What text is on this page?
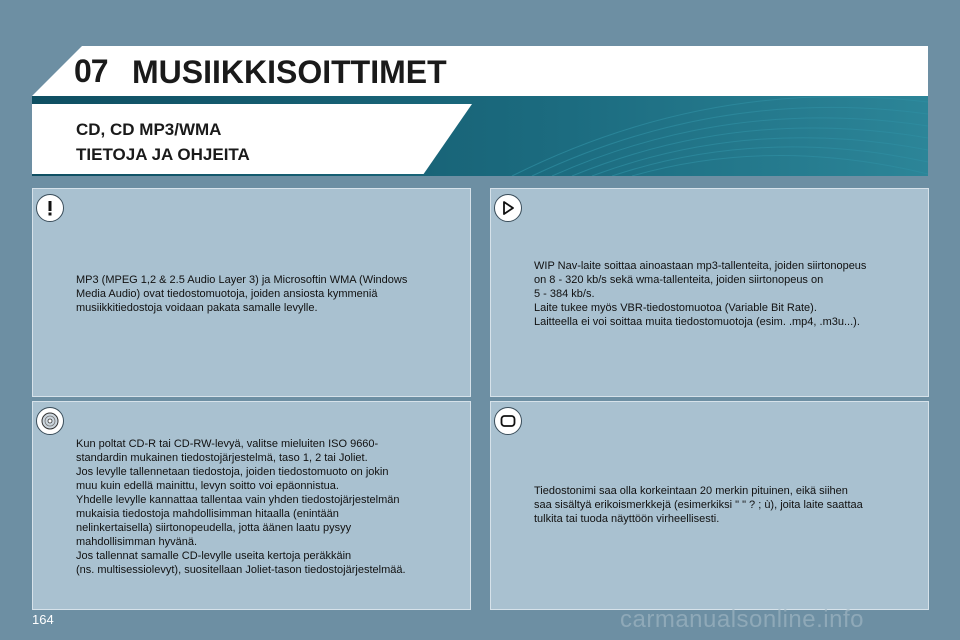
07 MUSIIKKISOITTIMET
CD, CD MP3/WMA
TIETOJA JA OHJEITA
MP3 (MPEG 1,2 & 2.5 Audio Layer 3) ja Microsoftin WMA (Windows
Media Audio) ovat tiedostomuotoja, joiden ansiosta kymmeniä
musiikkitiedostoja voidaan pakata samalle levylle.
WIP Nav-laite soittaa ainoastaan mp3-tallenteita, joiden siirtonopeus
on 8 - 320 kb/s sekä wma-tallenteita, joiden siirtonopeus on
5 - 384 kb/s.
Laite tukee myös VBR-tiedostomuotoa (Variable Bit Rate).
Laitteella ei voi soittaa muita tiedostomuotoja (esim. .mp4, .m3u...).
Kun poltat CD-R tai CD-RW-levyä, valitse mieluiten ISO 9660-
standardin mukainen tiedostojärjestelmä, taso 1, 2 tai Joliet.
Jos levylle tallennetaan tiedostoja, joiden tiedostomuoto on jokin
muu kuin edellä mainittu, levyn soitto voi epäonnistua.
Yhdelle levylle kannattaa tallentaa vain yhden tiedostojärjestelmän
mukaisia tiedostoja mahdollisimman hitaalla (enintään
nelinkertaisella) siirtonopeudella, jotta äänen laatu pysyy
mahdollisimman hyvänä.
Jos tallennat samalle CD-levylle useita kertoja peräkkäin
(ns. multisessiolevyt), suositellaan Joliet-tason tiedostojärjestelmää.
Tiedostonimi saa olla korkeintaan 20 merkin pituinen, eikä siihen
saa sisältyä erikoismerkkejä (esimerkiksi " " ? ; ù), joita laite saattaa
tulkita tai tuoda näyttöön virheellisesti.
164	carmanualsonline.info
